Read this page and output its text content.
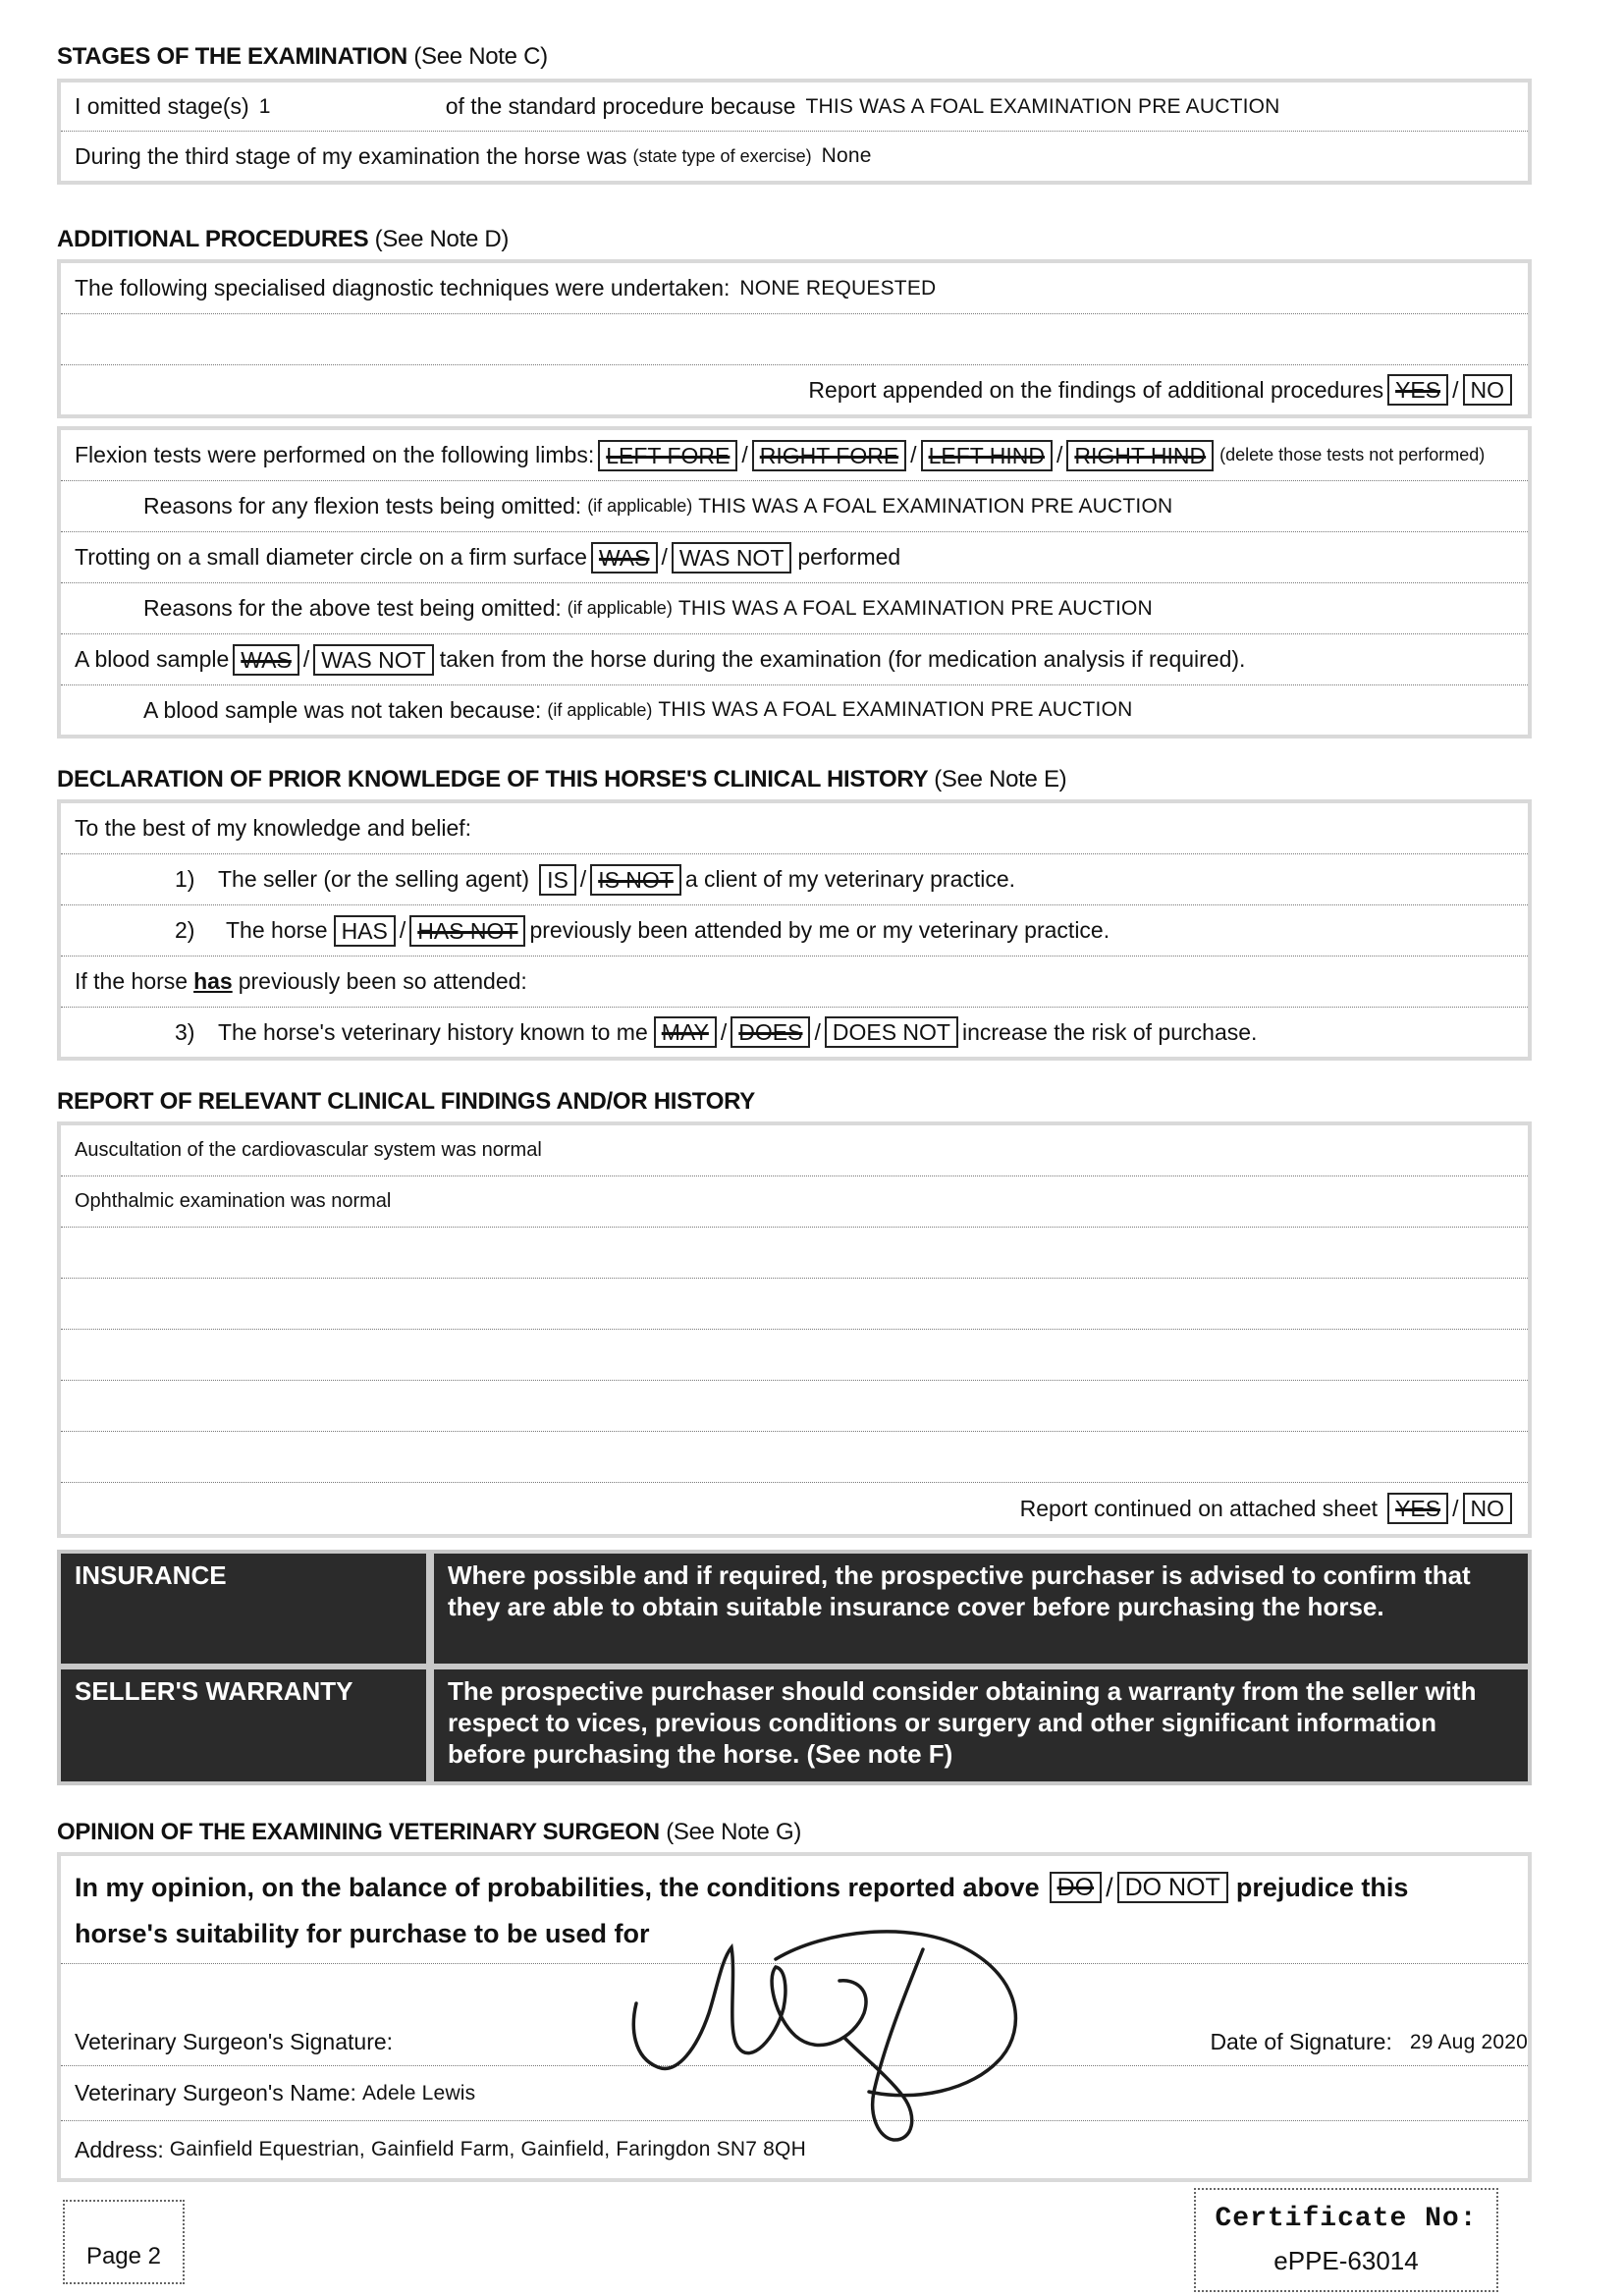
STAGES OF THE EXAMINATION (See Note C)
I omitted stage(s) 1	of the standard procedure because THIS WAS A FOAL EXAMINATION PRE AUCTION
During the third stage of my examination the horse was (state type of exercise) None
ADDITIONAL PROCEDURES (See Note D)
The following specialised diagnostic techniques were undertaken: NONE REQUESTED
Report appended on the findings of additional procedures YES / NO
Flexion tests were performed on the following limbs: LEFT FORE / RIGHT FORE / LEFT HIND / RIGHT HIND (delete those tests not performed)
Reasons for any flexion tests being omitted: (if applicable) THIS WAS A FOAL EXAMINATION PRE AUCTION
Trotting on a small diameter circle on a firm surface WAS / WAS NOT performed
Reasons for the above test being omitted: (if applicable) THIS WAS A FOAL EXAMINATION PRE AUCTION
A blood sample WAS / WAS NOT taken from the horse during the examination (for medication analysis if required).
A blood sample was not taken because: (if applicable) THIS WAS A FOAL EXAMINATION PRE AUCTION
DECLARATION OF PRIOR KNOWLEDGE OF THIS HORSE'S CLINICAL HISTORY (See Note E)
To the best of my knowledge and belief:
1)	The seller (or the selling agent) IS / IS NOT a client of my veterinary practice.
2)	The horse HAS / HAS NOT previously been attended by me or my veterinary practice.
If the horse has previously been so attended:
3)	The horse's veterinary history known to me MAY / DOES / DOES NOT increase the risk of purchase.
REPORT OF RELEVANT CLINICAL FINDINGS AND/OR HISTORY
Auscultation of the cardiovascular system was normal
Ophthalmic examination was normal
Report continued on attached sheet YES / NO
INSURANCE	Where possible and if required, the prospective purchaser is advised to confirm that they are able to obtain suitable insurance cover before purchasing the horse.
SELLER'S WARRANTY	The prospective purchaser should consider obtaining a warranty from the seller with respect to vices, previous conditions or surgery and other significant information before purchasing the horse. (See note F)
OPINION OF THE EXAMINING VETERINARY SURGEON (See Note G)
In my opinion, on the balance of probabilities, the conditions reported above DO / DO NOT prejudice this
horse's suitability for purchase to be used for
Veterinary Surgeon's Signature:	Date of Signature: 29 Aug 2020
Veterinary Surgeon's Name: Adele Lewis
Address: Gainfield Equestrian, Gainfield Farm, Gainfield, Faringdon SN7 8QH
Page 2
Certificate No:
ePPE-63014
